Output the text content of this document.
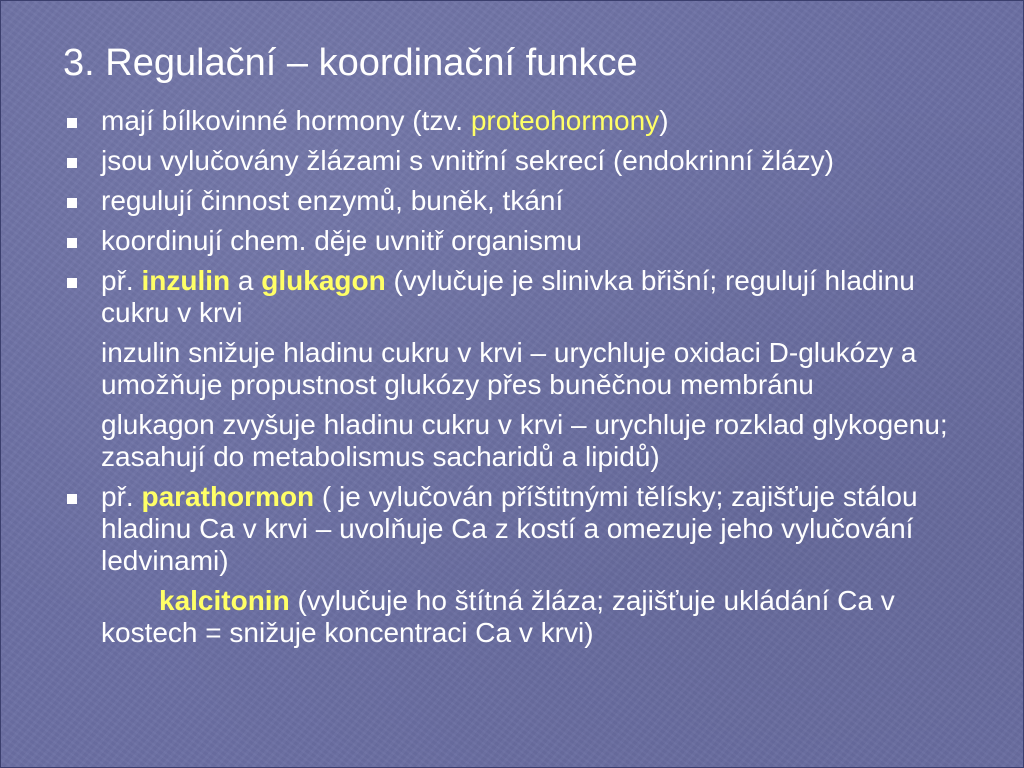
3. Regulační – koordinační funkce
mají bílkovinné hormony (tzv. proteohormony)
jsou vylučovány žlázami s vnitřní sekrecí (endokrinní žlázy)
regulují činnost enzymů, buněk, tkání
koordinují chem. děje uvnitř organismu
př. inzulin a glukagon (vylučuje je slinivka břišní; regulují hladinu cukru v krvi
inzulin snižuje hladinu cukru v krvi – urychluje oxidaci D-glukózy a umožňuje propustnost glukózy přes buněčnou membránu
glukagon zvyšuje hladinu cukru v krvi – urychluje rozklad glykogenu; zasahují do metabolismus sacharidů a lipidů)
př. parathormon ( je vylučován příštitnými tělísky; zajišťuje stálou hladinu Ca v krvi – uvolňuje Ca z kostí a omezuje jeho vylučování ledvinami)
kalcitonin (vylučuje ho štítná žláza; zajišťuje ukládání Ca v kostech = snižuje koncentraci Ca v krvi)
